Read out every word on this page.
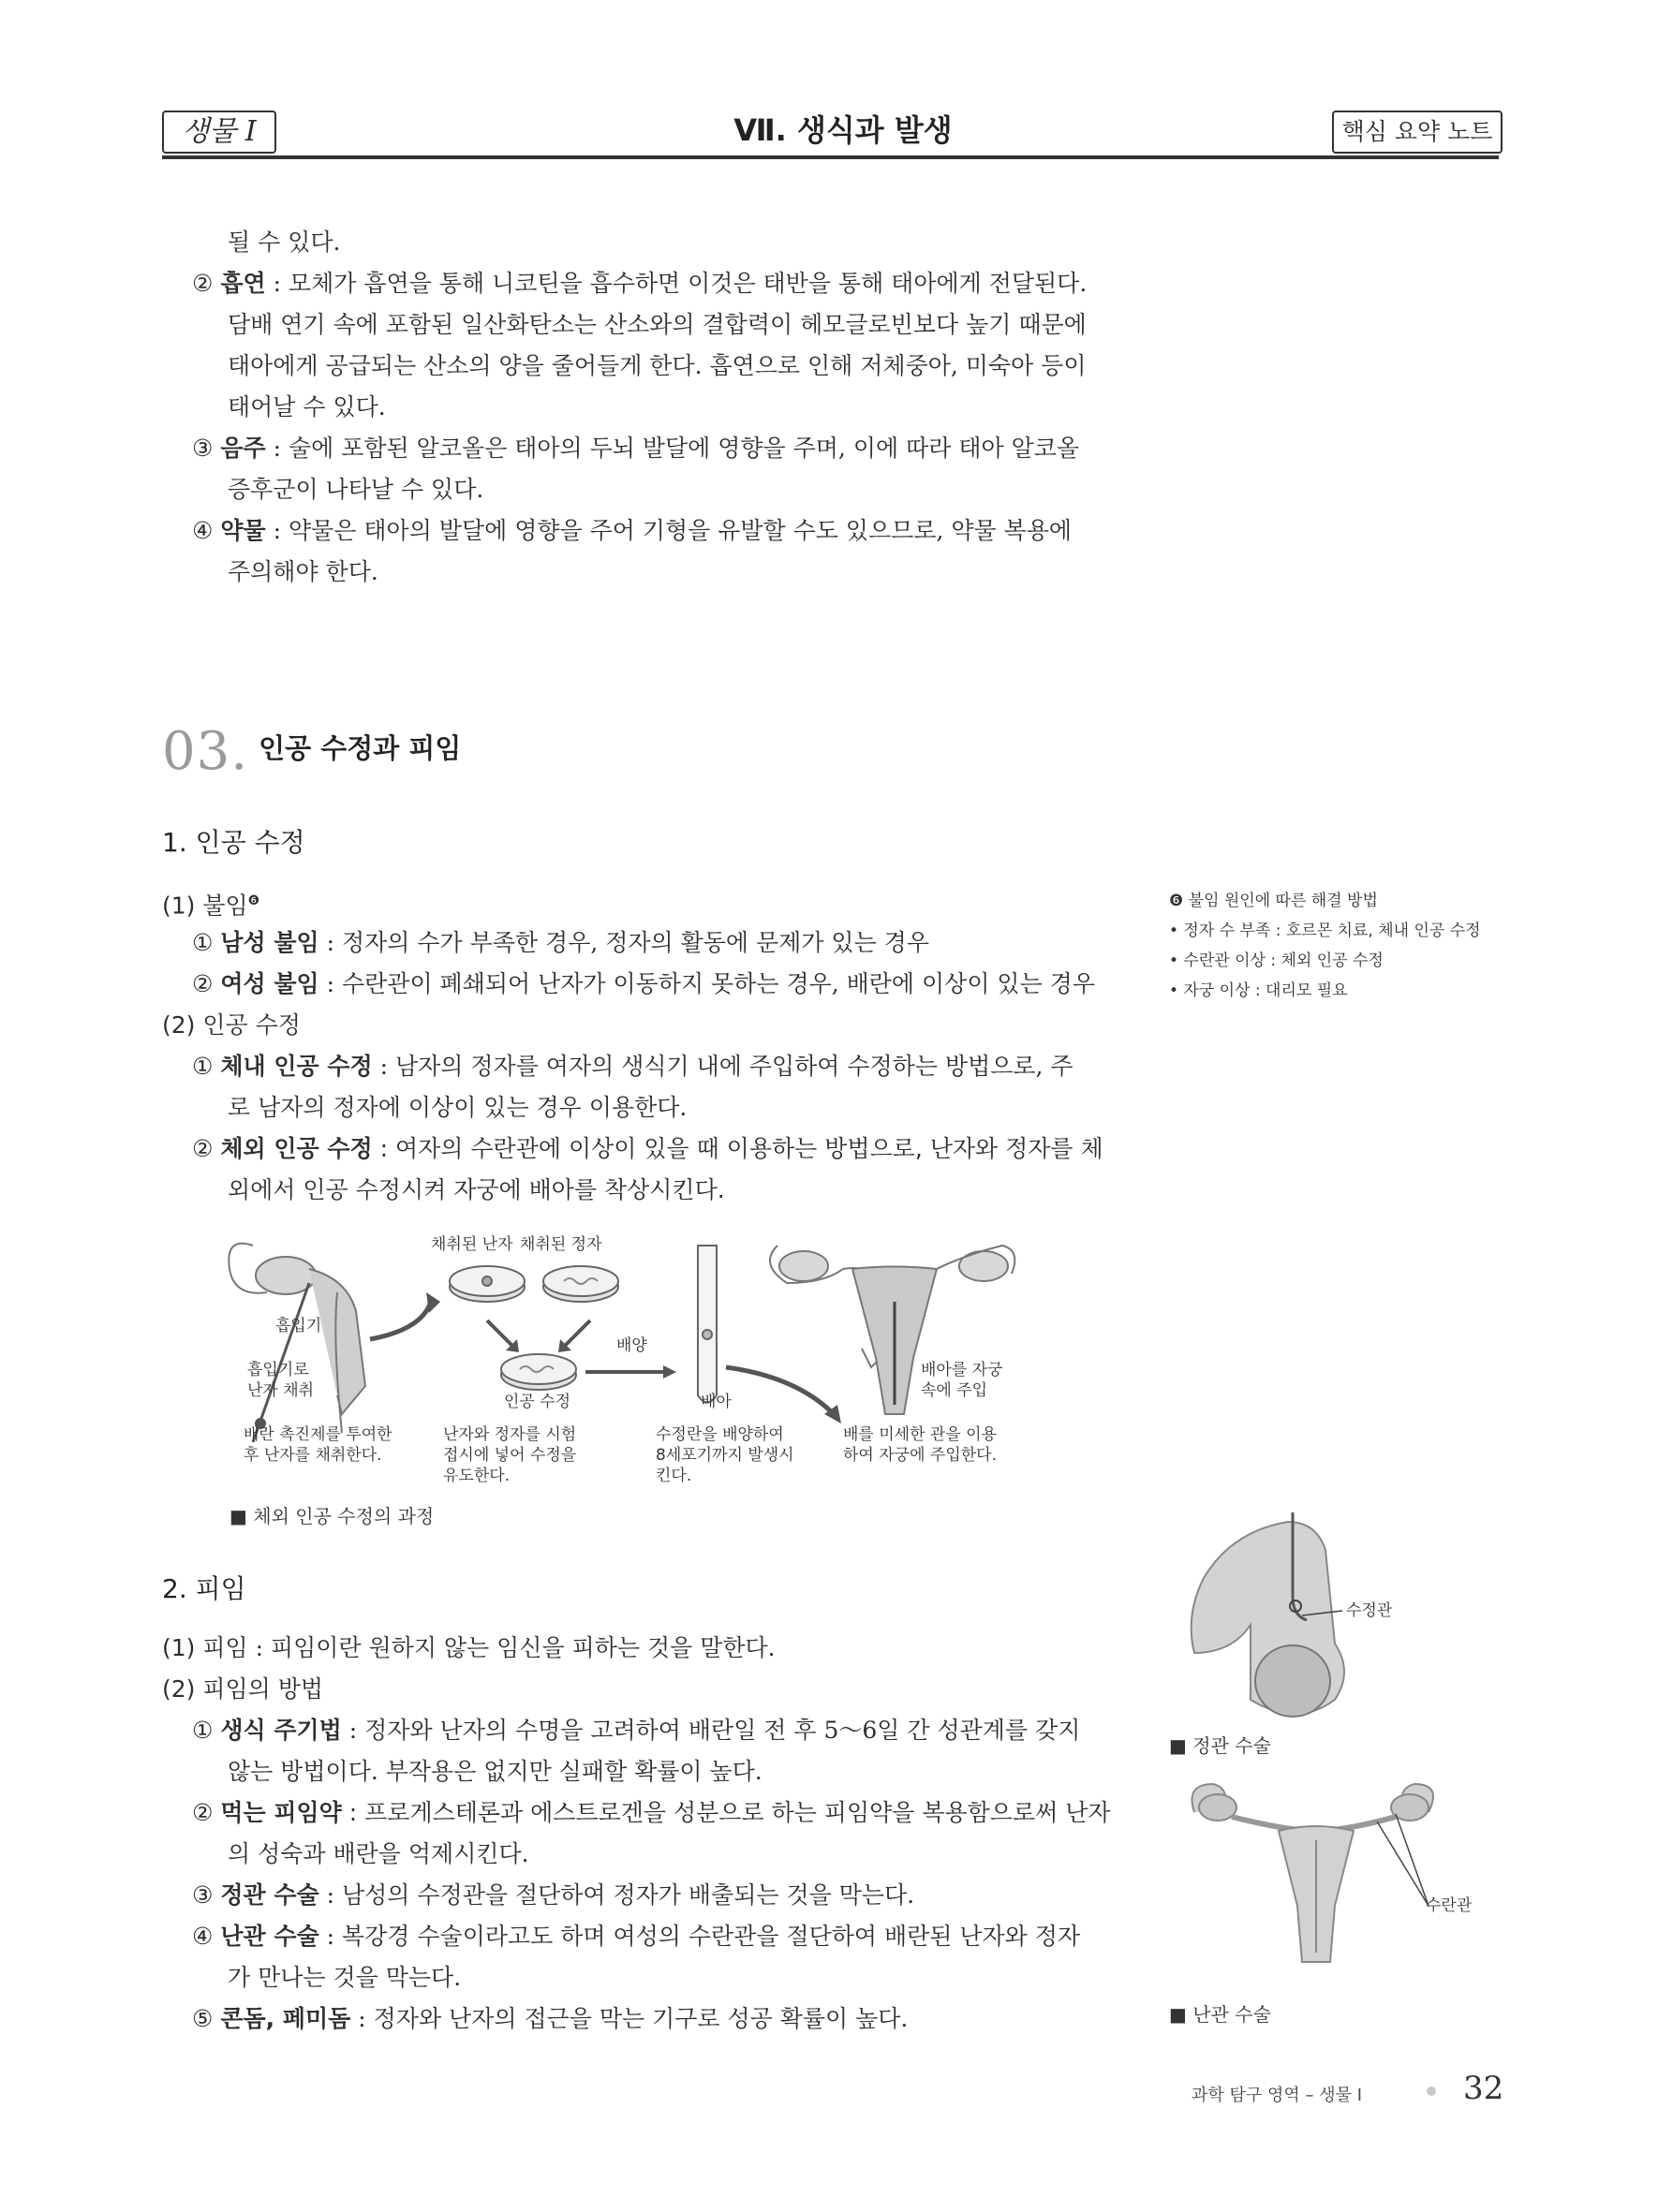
생물 I	Ⅶ. 생식과 발생	핵심 요약 노트
될 수 있다.
② 흡연 : 모체가 흡연을 통해 니코틴을 흡수하면 이것은 태반을 통해 태아에게 전달된다.
담배 연기 속에 포함된 일산화탄소는 산소와의 결합력이 헤모글로빈보다 높기 때문에
태아에게 공급되는 산소의 양을 줄어들게 한다. 흡연으로 인해 저체중아, 미숙아 등이
태어날 수 있다.
③ 음주 : 술에 포함된 알코올은 태아의 두뇌 발달에 영향을 주며, 이에 따라 태아 알코올
증후군이 나타날 수 있다.
④ 약물 : 약물은 태아의 발달에 영향을 주어 기형을 유발할 수도 있으므로, 약물 복용에
주의해야 한다.
03. 인공 수정과 피임
1. 인공 수정
(1) 불임$^❻$
① 남성 불임 : 정자의 수가 부족한 경우, 정자의 활동에 문제가 있는 경우
② 여성 불임 : 수란관이 폐쇄되어 난자가 이동하지 못하는 경우, 배란에 이상이 있는 경우
(2) 인공 수정
① 체내 인공 수정 : 남자의 정자를 여자의 생식기 내에 주입하여 수정하는 방법으로, 주
로 남자의 정자에 이상이 있는 경우 이용한다.
② 체외 인공 수정 : 여자의 수란관에 이상이 있을 때 이용하는 방법으로, 난자와 정자를 체
외에서 인공 수정시켜 자궁에 배아를 착상시킨다.
❻ 불임 원인에 따른 해결 방법
• 정자 수 부족 : 호르몬 치료, 체내 인공 수정
• 수란관 이상 : 체외 인공 수정
• 자궁 이상 : 대리모 필요
채취된 난자 채취된 정자
흡입기
흡입기로
난자 채취
인공 수정
배양
배아
배아를 자궁
속에 주입
배란 촉진제를 투여한
후 난자를 채취한다.
난자와 정자를 시험
접시에 넣어 수정을
유도한다.
수정란을 배양하여
8세포기까지 발생시
킨다.
배를 미세한 관을 이용
하여 자궁에 주입한다.
■ 체외 인공 수정의 과정
2. 피임
(1) 피임 : 피임이란 원하지 않는 임신을 피하는 것을 말한다.
(2) 피임의 방법
① 생식 주기법 : 정자와 난자의 수명을 고려하여 배란일 전 후 5～6일 간 성관계를 갖지
않는 방법이다. 부작용은 없지만 실패할 확률이 높다.
② 먹는 피임약 : 프로게스테론과 에스트로겐을 성분으로 하는 피임약을 복용함으로써 난자
의 성숙과 배란을 억제시킨다.
③ 정관 수술 : 남성의 수정관을 절단하여 정자가 배출되는 것을 막는다.
④ 난관 수술 : 복강경 수술이라고도 하며 여성의 수란관을 절단하여 배란된 난자와 정자
가 만나는 것을 막는다.
⑤ 콘돔, 페미돔 : 정자와 난자의 접근을 막는 기구로 성공 확률이 높다.
수정관
■ 정관 수술
수란관
■ 난관 수술
과학 탐구 영역 – 생물 Ⅰ	32
